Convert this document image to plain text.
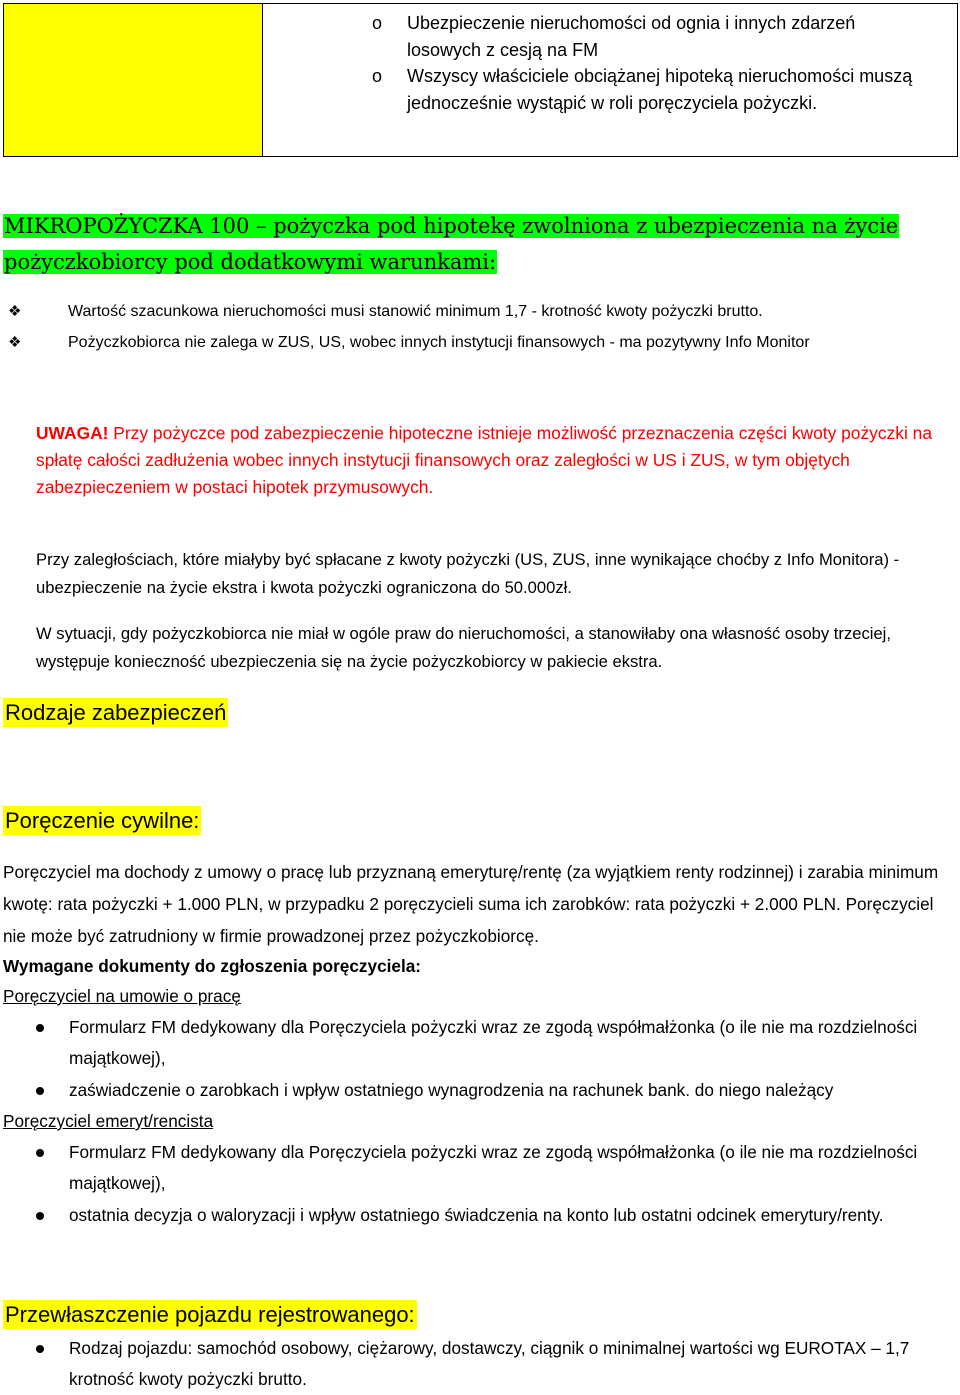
o Ubezpieczenie nieruchomości od ognia i innych zdarzeń losowych z cesją na FM
o Wszyscy właściciele obciążanej hipoteką nieruchomości muszą jednocześnie wystąpić w roli poręczyciela pożyczki.
MIKROPOŻYCZKA 100 – pożyczka pod hipotekę zwolniona z ubezpieczenia na życie
pożyczkobiorcy pod dodatkowymi warunkami:
❖	Wartość szacunkowa nieruchomości musi stanowić minimum 1,7 - krotność kwoty pożyczki brutto.
❖	Pożyczkobiorca nie zalega w ZUS, US, wobec innych instytucji finansowych - ma pozytywny Info Monitor
UWAGA! Przy pożyczce pod zabezpieczenie hipoteczne istnieje możliwość przeznaczenia części kwoty pożyczki na spłatę całości zadłużenia wobec innych instytucji finansowych oraz zaległości w US i ZUS, w tym objętych zabezpieczeniem w postaci hipotek przymusowych.
Przy zaległościach, które miałyby być spłacane z kwoty pożyczki (US, ZUS, inne wynikające choćby z Info Monitora) - ubezpieczenie na życie ekstra i kwota pożyczki ograniczona do 50.000zł.
W sytuacji, gdy pożyczkobiorca nie miał w ogóle praw do nieruchomości, a stanowiłaby ona własność osoby trzeciej, występuje konieczność ubezpieczenia się na życie pożyczkobiorcy w pakiecie ekstra.
Rodzaje zabezpieczeń
Poręczenie cywilne:
Poręczyciel ma dochody z umowy o pracę lub przyznaną emeryturę/rentę (za wyjątkiem renty rodzinnej) i zarabia minimum kwotę: rata pożyczki + 1.000 PLN, w przypadku 2 poręczycieli suma ich zarobków: rata pożyczki + 2.000 PLN. Poręczyciel nie może być zatrudniony w firmie prowadzonej przez pożyczkobiorcę.
Wymagane dokumenty do zgłoszenia poręczyciela:
Poręczyciel na umowie o pracę
Formularz FM dedykowany dla Poręczyciela pożyczki wraz ze zgodą współmałżonka (o ile nie ma rozdzielności majątkowej),
zaświadczenie o zarobkach i wpływ ostatniego wynagrodzenia na rachunek bank. do niego należący
Poręczyciel emeryt/rencista
Formularz FM dedykowany dla Poręczyciela pożyczki wraz ze zgodą współmałżonka (o ile nie ma rozdzielności majątkowej),
ostatnia decyzja o waloryzacji i wpływ ostatniego świadczenia na konto lub ostatni odcinek emerytury/renty.
Przewłaszczenie pojazdu rejestrowanego:
Rodzaj pojazdu: samochód osobowy, ciężarowy, dostawczy, ciągnik o minimalnej wartości wg EUROTAX – 1,7 krotność kwoty pożyczki brutto.
